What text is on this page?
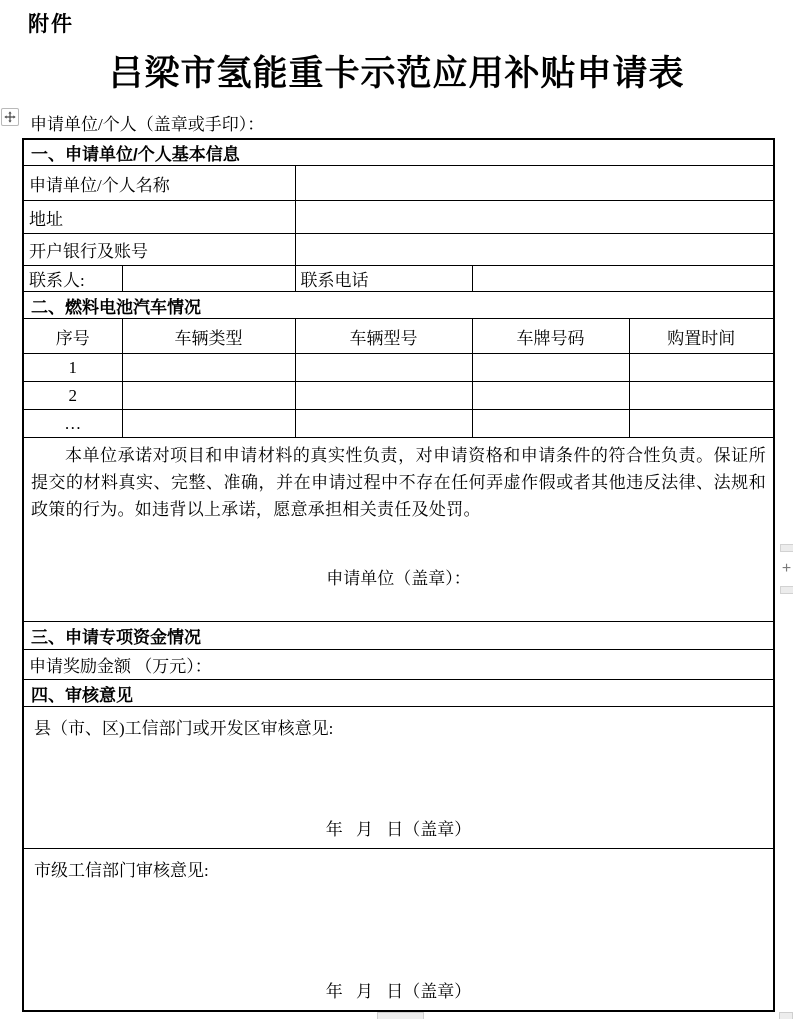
附件
吕梁市氢能重卡示范应用补贴申请表
申请单位/个人（盖章或手印）：
一、申请单位/个人基本信息				
申请单位/个人名称				
地址				
开户银行及账号				
联系人:		联系电话		
二、燃料电池汽车情况				
序号	车辆类型	车辆型号	车牌号码	购置时间
1				
2				
…				

本单位承诺对项目和申请材料的真实性负责，对申请资格和申请条件的符合性负责。保证所提交的材料真实、完整、准确，并在申请过程中不存在任何弄虚作假或者其他违反法律、法规和政策的行为。如违背以上承诺，愿意承担相关责任及处罚。
申请单位（盖章）：				

三、申请专项资金情况				
申请奖励金额 （万元）：				
四、审核意见				

县（市、区)工信部门或开发区审核意见:
年 月 日（盖章）				

市级工信部门审核意见:
年 月 日（盖章）				
+
